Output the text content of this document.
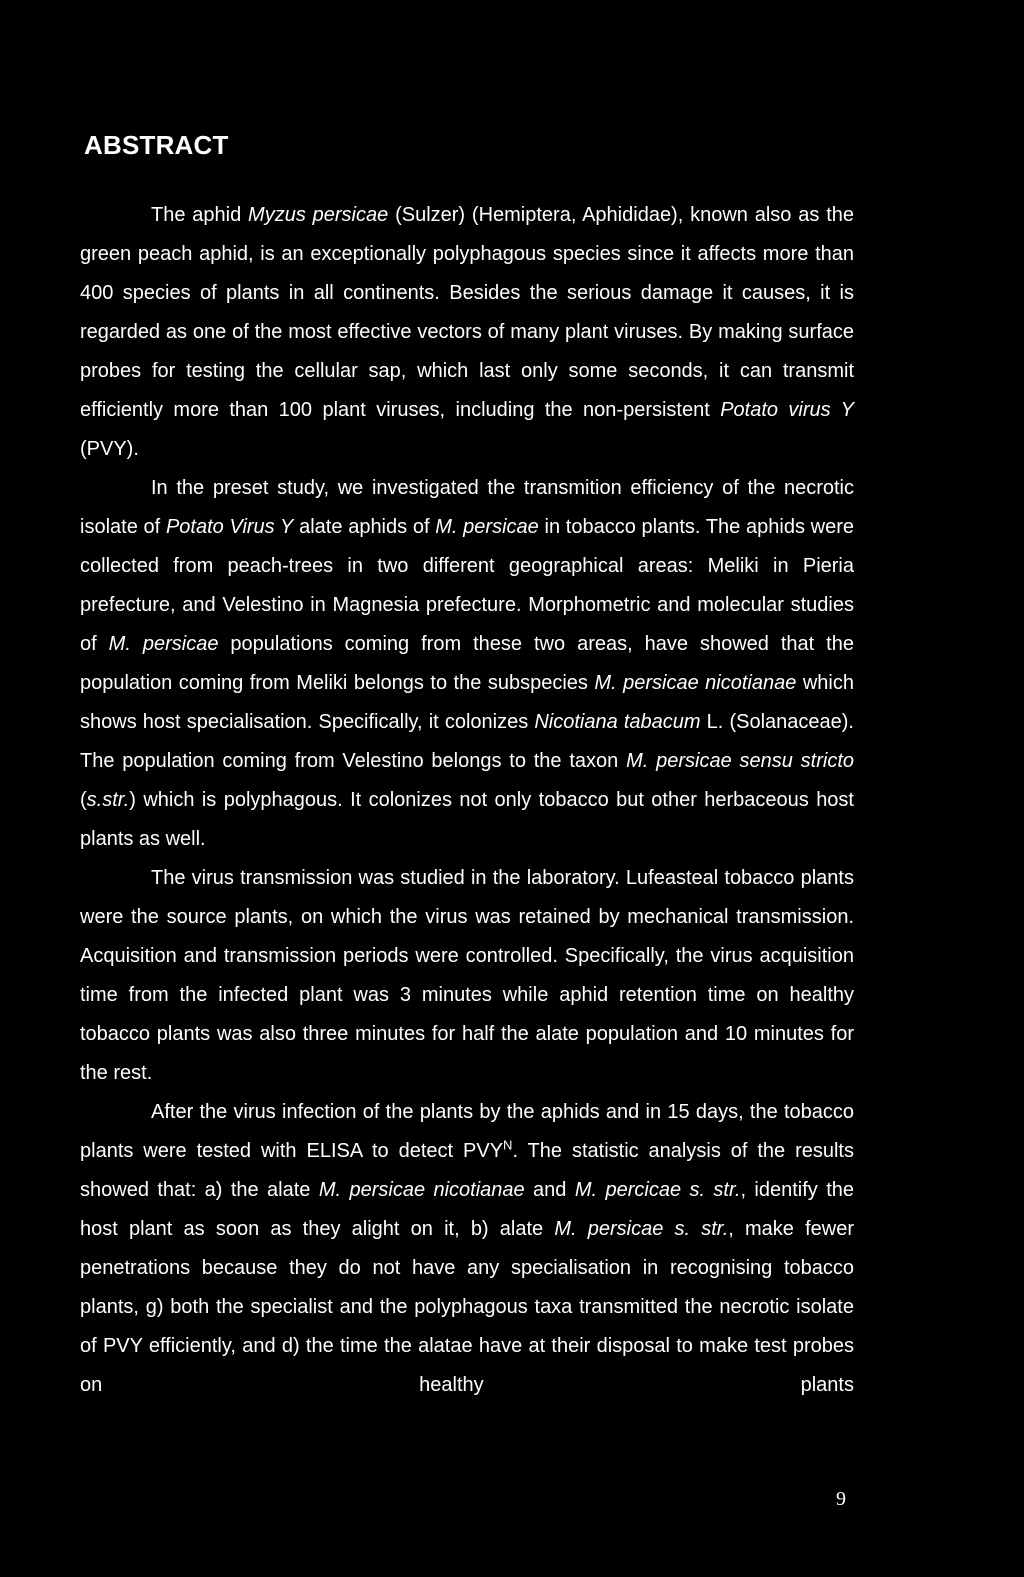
ABSTRACT

The aphid Myzus persicae (Sulzer) (Hemiptera, Aphididae), known also as the green peach aphid, is an exceptionally polyphagous species since it affects more than 400 species of plants in all continents. Besides the serious damage it causes, it is regarded as one of the most effective vectors of many plant viruses. By making surface probes for testing the cellular sap, which last only some seconds, it can transmit efficiently more than 100 plant viruses, including the non-persistent Potato virus Y (PVY).

In the preset study, we investigated the transmition efficiency of the necrotic isolate of Potato Virus Y alate aphids of M. persicae in tobacco plants. The aphids were collected from peach-trees in two different geographical areas: Meliki in Pieria prefecture, and Velestino in Magnesia prefecture. Morphometric and molecular studies of M. persicae populations coming from these two areas, have showed that the population coming from Meliki belongs to the subspecies M. persicae nicotianae which shows host specialisation. Specifically, it colonizes Nicotiana tabacum L. (Solanaceae). The population coming from Velestino belongs to the taxon M. persicae sensu stricto (s.str.) which is polyphagous. It colonizes not only tobacco but other herbaceous host plants as well.

The virus transmission was studied in the laboratory. Lufeasteal tobacco plants were the source plants, on which the virus was retained by mechanical transmission. Acquisition and transmission periods were controlled. Specifically, the virus acquisition time from the infected plant was 3 minutes while aphid retention time on healthy tobacco plants was also three minutes for half the alate population and 10 minutes for the rest.

After the virus infection of the plants by the aphids and in 15 days, the tobacco plants were tested with ELISA to detect $PVY^N$. The statistic analysis of the results showed that: a) the alate M. persicae nicotianae and M. percicae s. str., identify the host plant as soon as they alight on it, b) alate M. persicae s. str., make fewer penetrations because they do not have any specialisation in recognising tobacco plants, g) both the specialist and the polyphagous taxa transmitted the necrotic isolate of PVY efficiently, and d) the time the alatae have at their disposal to make test probes on healthy plants

9
